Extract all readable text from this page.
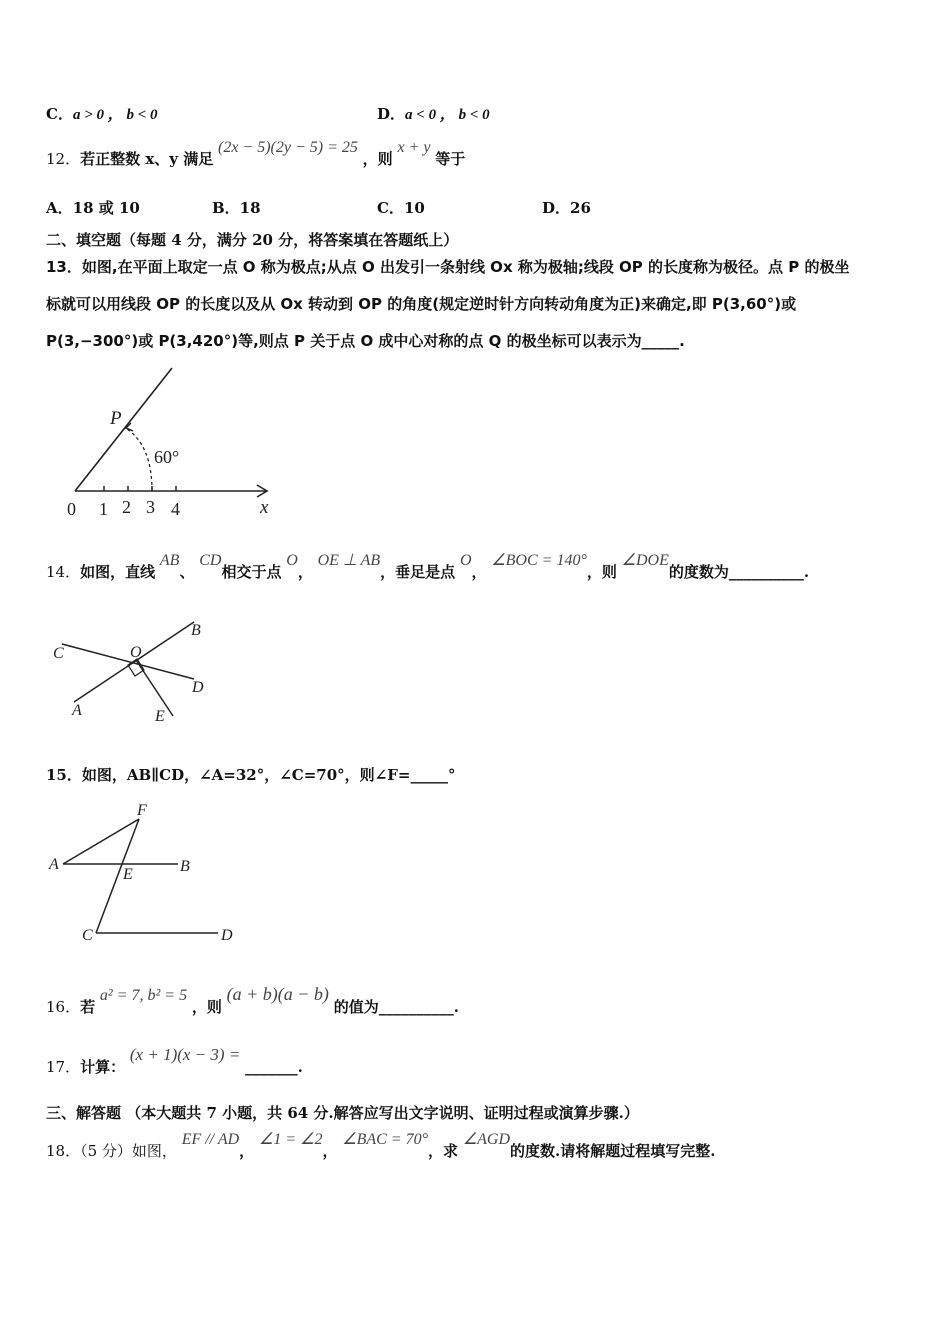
C．a > 0 ， b < 0	D．a < 0 ， b < 0
12．若正整数 x、y 满足 (2x − 5)(2y − 5) = 25 ，则 x + y 等于
A．18 或 10	B．18	C．10	D．26
二、填空题（每题 4 分，满分 20 分，将答案填在答题纸上）
13．如图,在平面上取定一点 O 称为极点;从点 O 出发引一条射线 Ox 称为极轴;线段 OP 的长度称为极径。点 P 的极坐
标就可以用线段 OP 的长度以及从 Ox 转动到 OP 的角度(规定逆时针方向转动角度为正)来确定,即 P(3,60°)或
P(3,−300°)或 P(3,420°)等,则点 P 关于点 O 成中心对称的点 Q 的极坐标可以表示为_____.
P
60°
0 1 2 3 4	x
14．如图，直线 AB、 CD相交于点 O， OE ⊥ AB，垂足是点 O， ∠BOC = 140°，则 ∠DOE的度数为__________.
A
B
C
D
E
O
15．如图，AB∥CD，∠A=32°，∠C=70°，则∠F=_____°
A	B
C	D
E
F
16．若 a² = 7, b² = 5 ，则 (a + b)(a − b) 的值为__________.
17．计算： (x + 1)(x − 3) = _______.
三、解答题 （本大题共 7 小题，共 64 分.解答应写出文字说明、证明过程或演算步骤.）
18．（5 分）如图， EF // AD， ∠1 = ∠2， ∠BAC = 70°，求 ∠AGD的度数.请将解题过程填写完整.
